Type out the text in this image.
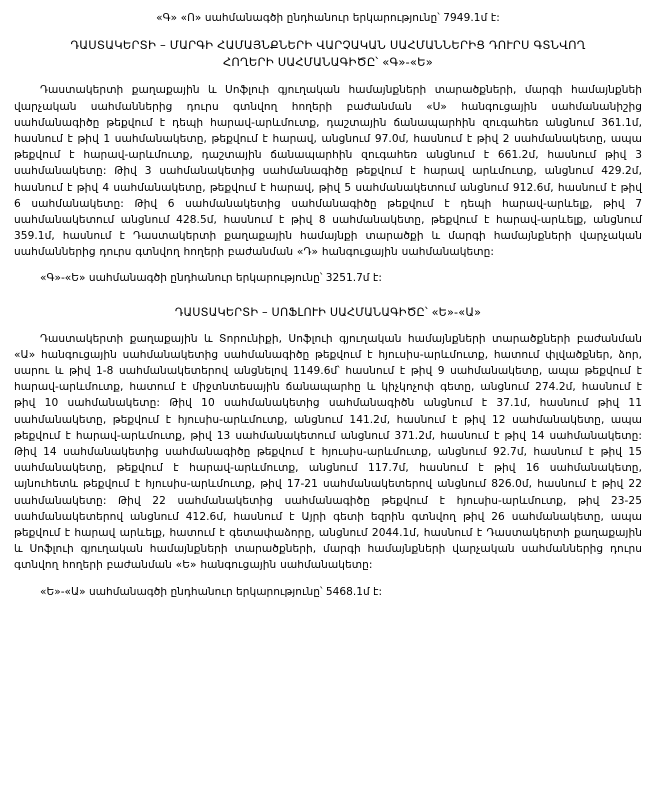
«Գ» «Ո» սահմանագծի ընդհանուր երկարությունը՝ 7949.1մ է:
ԴԱՍՏԱԿԵՐՏԻ – ՄԱՐԳԻ ՀԱՄԱՅՆՔՆԵՐԻ ՎԱՐՉԱԿԱՆ ՍԱՀՄԱՆՆԵՐԻՑ ԴՈՒՐՍ ԳՏՆՎՈՂ
ՀՈՂԵՐԻ ՍԱՀՄԱՆԱԳԻԾԸ՝ «Գ»-«Ե»
Դաստակերտի քաղաքային և Սոֆլուի գյուղական համայնքների տարածքների, մարգի համայնքնեի վարչական սահմաններից դուրս գտնվող հողերի բաժանման «Ս» հանգուցային սահմանանիշից սահմանագիծը թեքվում է դեպի հարավ-արևմուտք, դաշտային ճանապարհին զուգահեռ անցնում 361.1մ, հասնում է թիվ 1 սահմանակետը, թեքվում է հարավ, անցնում 97.0մ, հասնում է թիվ 2 սահմանակետը, ապա թեքվում է հարավ-արևմուտք, դաշտային ճանապարհին զուգահեռ անցնում է 661.2մ, հասնում թիվ 3 սահմանակետը: Թիվ 3 սահմանակետից սահմանագիծը թեքվում է հարավ արևմուտք, անցնում 429.2մ, հասնում է թիվ 4 սահմանակետը, թեքվում է հարավ, թիվ 5 սահմանակետում անցնում 912.6մ, հասնում է թիվ 6 սահմանակետը: Թիվ 6 սահմանակետից սահմանագիծը թեքվում է դեպի հարավ-արևելք, թիվ 7 սահմանակետում անցնում 428.5մ, հասնում է թիվ 8 սահմանակետը, թեքվում է հարավ-արևելք, անցնում 359.1մ, հասնում է Դաստակերտի քաղաքային համայնքի տարածքի և մարգի համայնքների վարչական սահմաններից դուրս գտնվող հողերի բաժանման «Դ» հանգուցային սահմանակետը:
«Գ»-«Ե» սահմանագծի ընդհանուր երկարությունը՝ 3251.7մ է:
ԴԱՍՏԱԿԵՐՏԻ – ՍՈՖԼՈՒԻ ՍԱՀՄԱՆԱԳԻԾԸ՝ «Ե»-«Ա»
Դաստակերտի քաղաքային և Տորունիքի, Սոֆլուի գյուղական համայնքների տարածքների բաժանման «Ա» հանգուցային սահմանակետից սահմանագիծը թեքվում է հյուսիս-արևմուտք, հատում փլվածքներ, ձոր, սարու և թիվ 1-8 սահմանակետերով անցնելով 1149.6մ՝ հասնում է թիվ 9 սահմանակետը, ապա թեքվում է հարավ-արևմուտք, հատում է միջտնտեսային ճանապարհը և կիչկոչոփ գետը, անցնում 274.2մ, հասնում է թիվ 10 սահմանակետը: Թիվ 10 սահմանակետից սահմանագիծն անցնում է 37.1մ, հասնում թիվ 11 սահմանակետը, թեքվում է հյուսիս-արևմուտք, անցնում 141.2մ, հասնում է թիվ 12 սահմանակետը, ապա թեքվում է հարավ-արևմուտք, թիվ 13 սահմանակետում անցնում 371.2մ, հասնում է թիվ 14 սահմանակետը: Թիվ 14 սահմանակետից սահմանագիծը թեքվում է հյուսիս-արևմուտք, անցնում 92.7մ, հասնում է թիվ 15 սահմանակետը, թեքվում է հարավ-արևմուտք, անցնում 117.7մ, հասնում է թիվ 16 սահմանակետը, այնուհետև թեքվում է հյուսիս-արևմուտք, թիվ 17-21 սահմանակետերով անցնում 826.0մ, հասնում է թիվ 22 սահմանակետը: Թիվ 22 սահմանակետից սահմանագիծը թեքվում է հյուսիս-արևմուտք, թիվ 23-25 սահմանակետերով անցնում 412.6մ, հասնում է Այրի գետի եզրին գտնվող թիվ 26 սահմանակետը, ապա թեքվում է հարավ արևելք, հատում է գետափաձորը, անցնում 2044.1մ, հասնում է Դաստակերտի քաղաքային և Սոֆլուի գյուղական համայնքների տարածքների, մարգի համայնքների վարչական սահմաններից դուրս գտնվող հողերի բաժանման «Ե» հանգուցային սահմանակետը:
«Ե»-«Ա» սահմանագծի ընդհանուր երկարությունը՝ 5468.1մ է:
